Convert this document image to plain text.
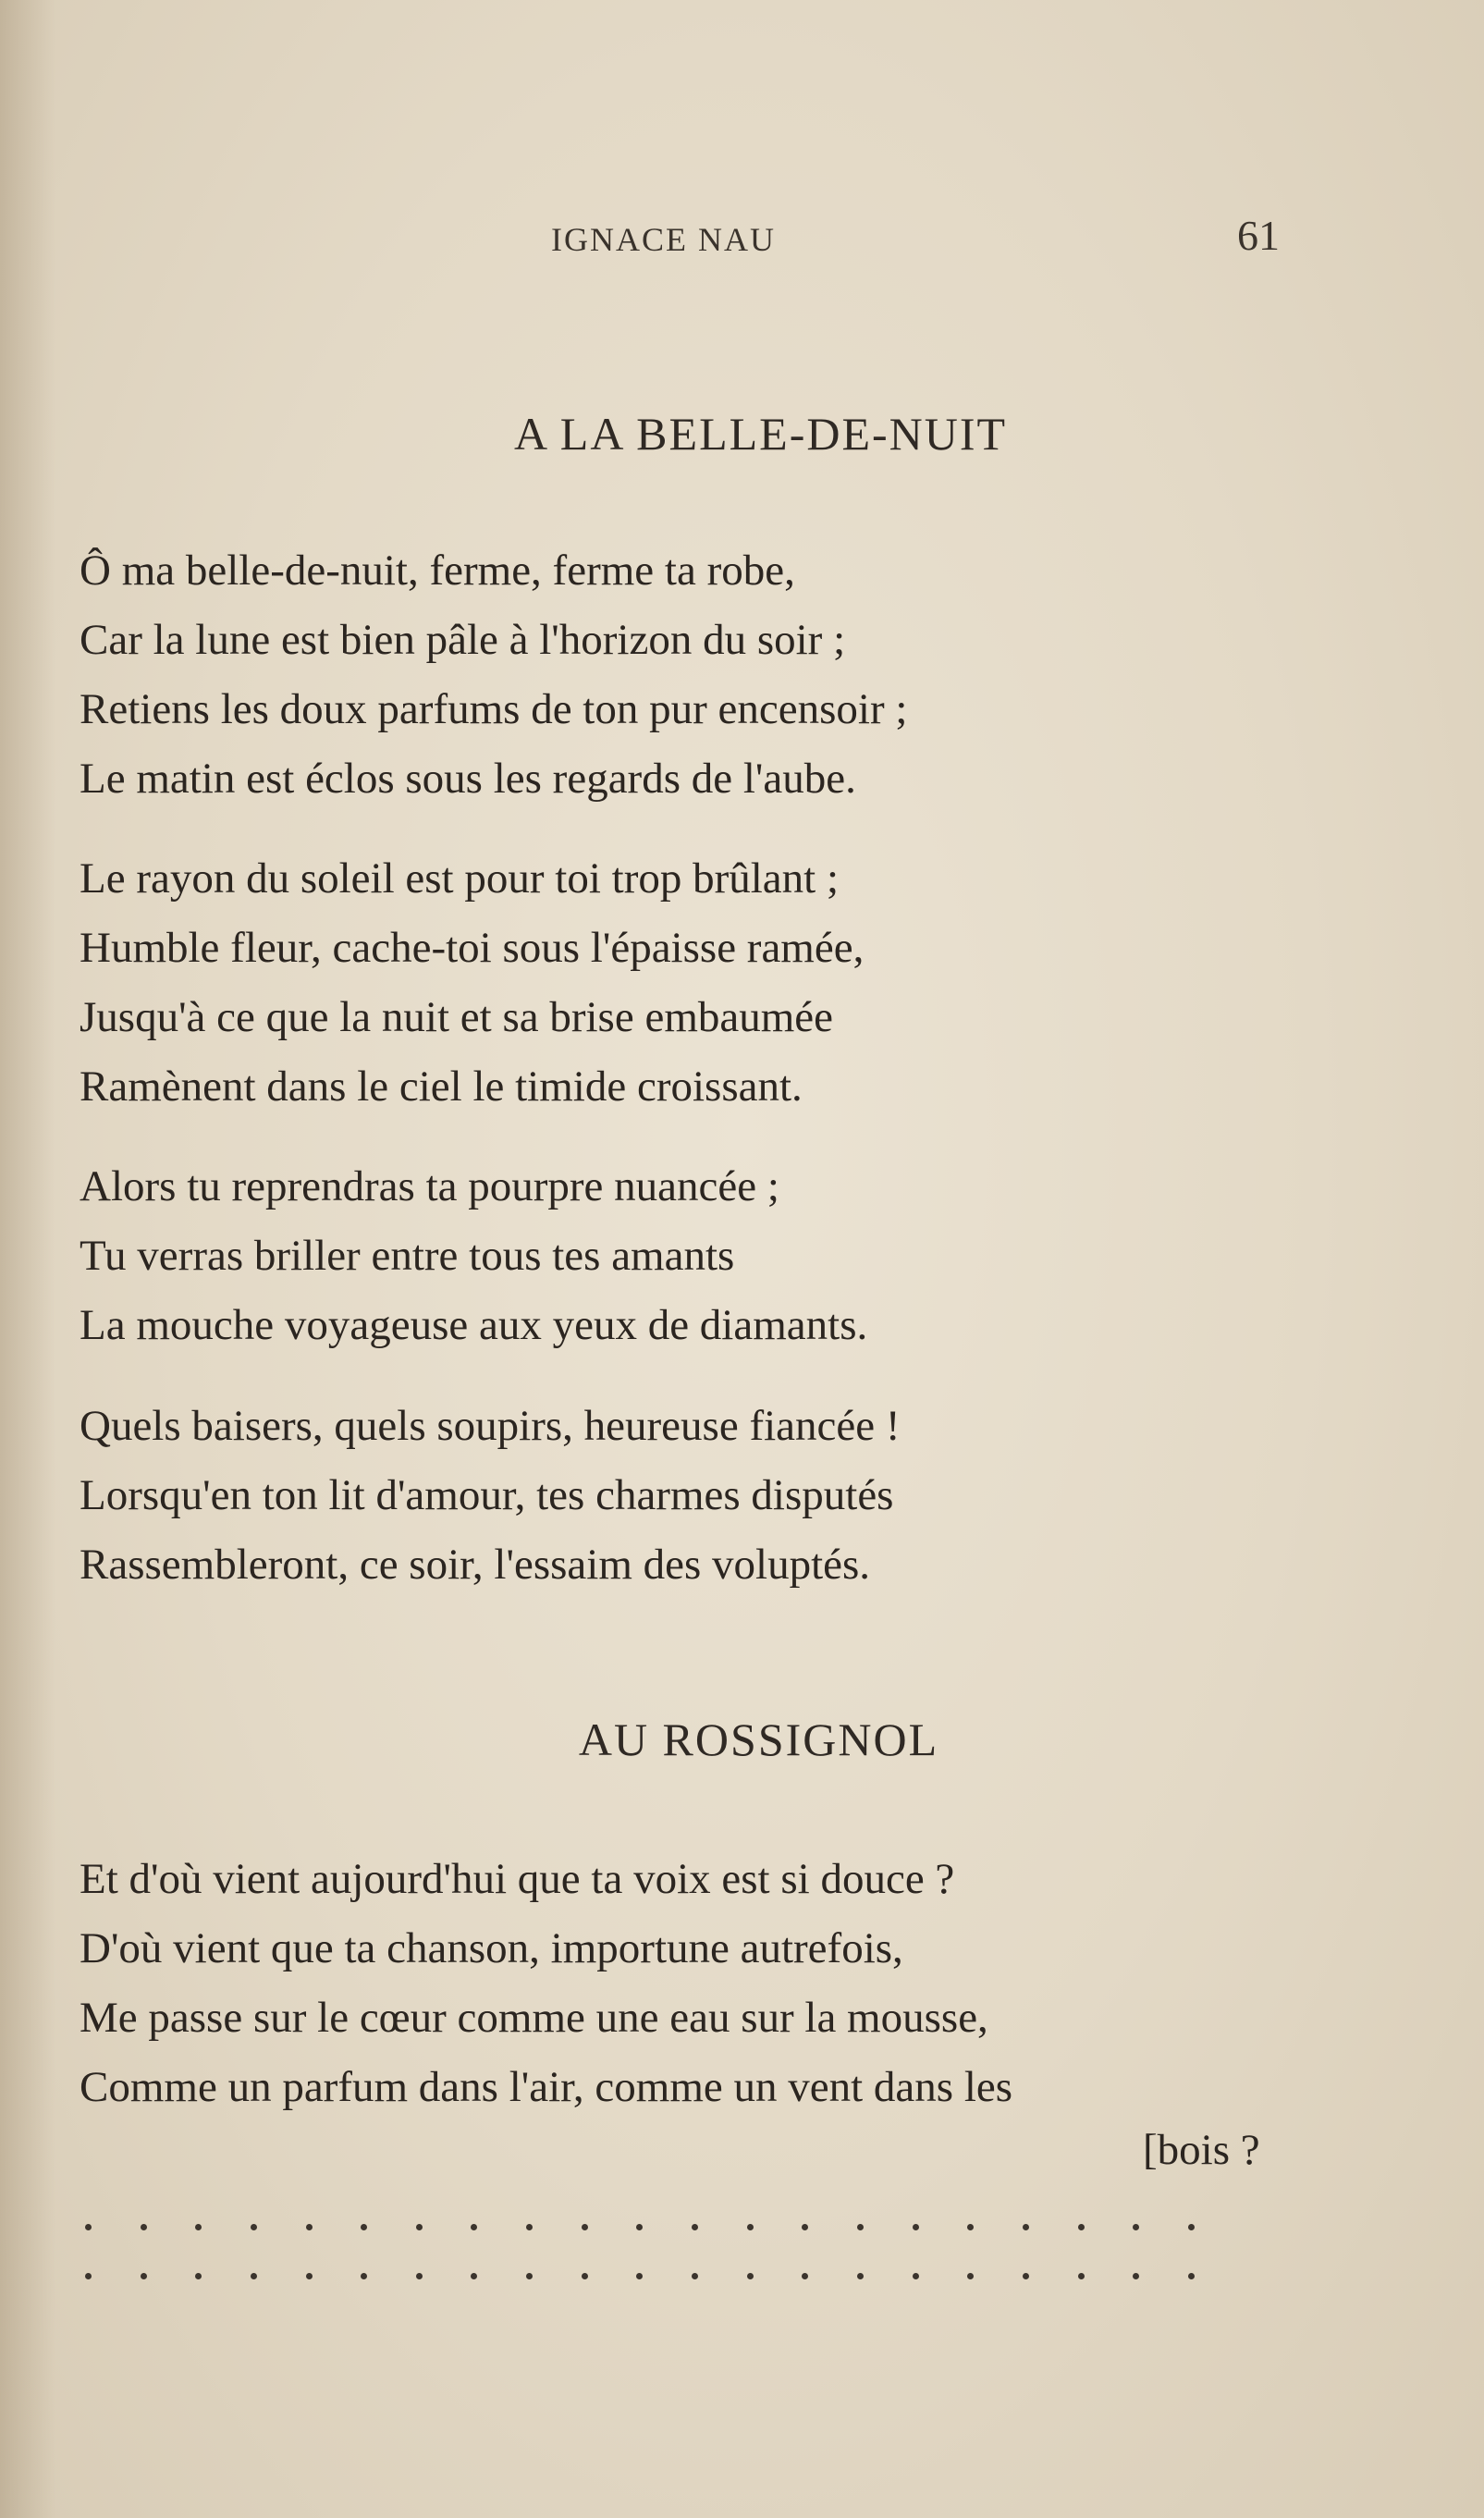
IGNACE NAU	61
A LA BELLE-DE-NUIT

Ô ma belle-de-nuit, ferme, ferme ta robe,
Car la lune est bien pâle à l'horizon du soir ;
Retiens les doux parfums de ton pur encensoir ;
Le matin est éclos sous les regards de l'aube.

Le rayon du soleil est pour toi trop brûlant ;
Humble fleur, cache-toi sous l'épaisse ramée,
Jusqu'à ce que la nuit et sa brise embaumée
Ramènent dans le ciel le timide croissant.

Alors tu reprendras ta pourpre nuancée ;
Tu verras briller entre tous tes amants
La mouche voyageuse aux yeux de diamants.

Quels baisers, quels soupirs, heureuse fiancée !
Lorsqu'en ton lit d'amour, tes charmes disputés
Rassembleront, ce soir, l'essaim des voluptés.

AU ROSSIGNOL

Et d'où vient aujourd'hui que ta voix est si douce ?
D'où vient que ta chanson, importune autrefois,
Me passe sur le cœur comme une eau sur la mousse,
Comme un parfum dans l'air, comme un vent dans les

[bois ?
